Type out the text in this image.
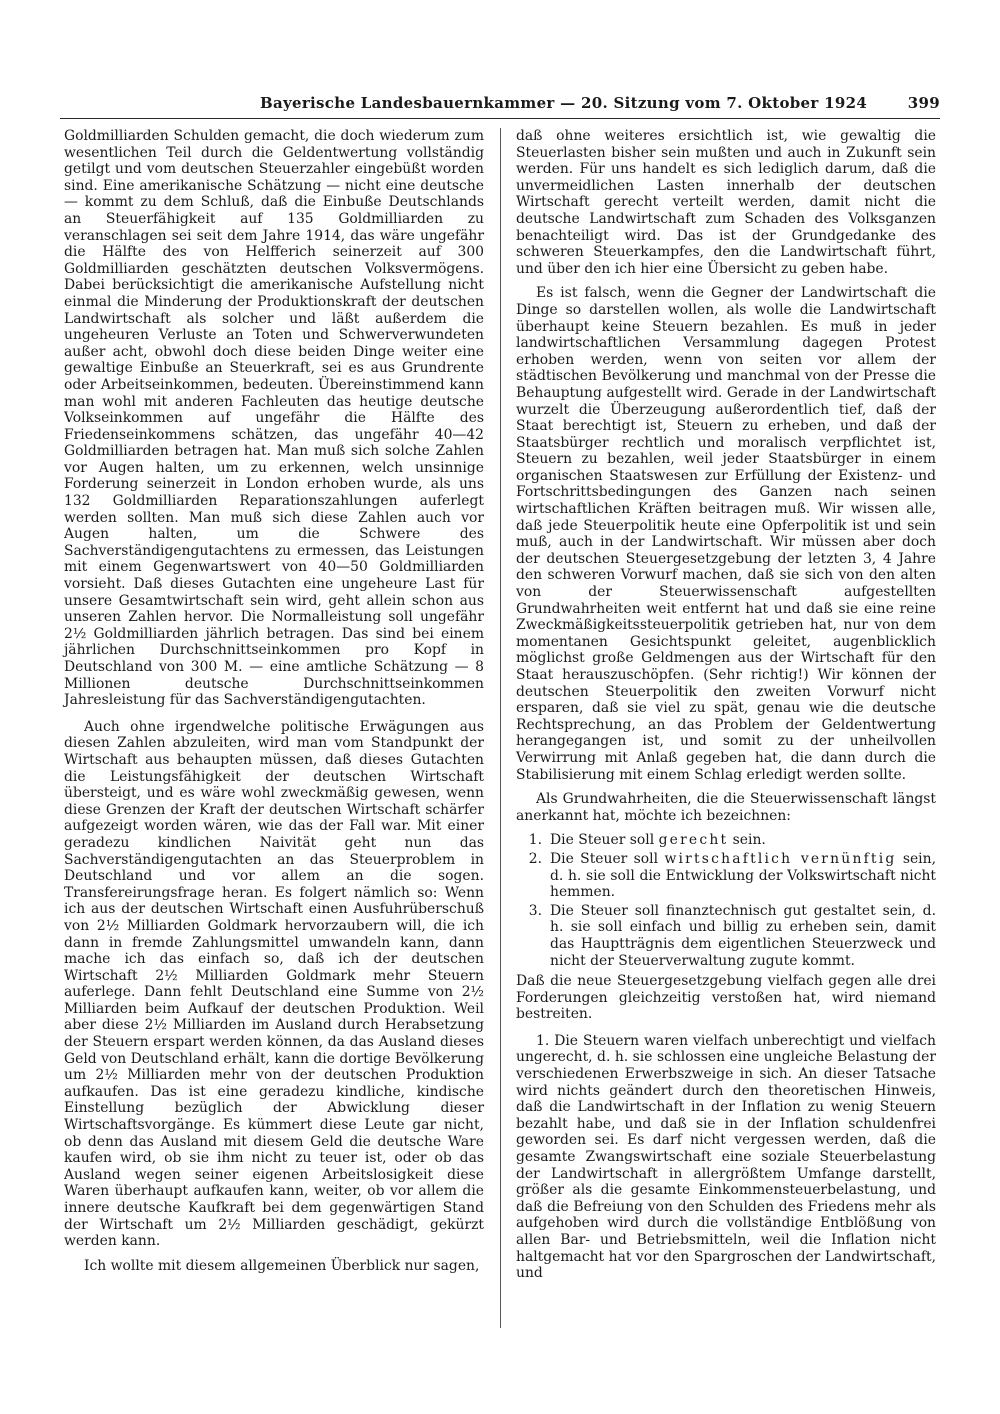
Bayerische Landesbauernkammer — 20. Sitzung vom 7. Oktober 1924	399

Goldmilliarden Schulden gemacht, die doch wiederum zum wesentlichen Teil durch die Geldentwertung vollständig getilgt und vom deutschen Steuerzahler eingebüßt worden sind. Eine amerikanische Schätzung — nicht eine deutsche — kommt zu dem Schluß, daß die Einbuße Deutschlands an Steuerfähigkeit auf 135 Goldmilliarden zu veranschlagen sei seit dem Jahre 1914, das wäre ungefähr die Hälfte des von Helfferich seinerzeit auf 300 Goldmilliarden geschätzten deutschen Volksvermögens. Dabei berücksichtigt die amerikanische Aufstellung nicht einmal die Minderung der Produktionskraft der deutschen Landwirtschaft als solcher und läßt außerdem die ungeheuren Verluste an Toten und Schwerverwundeten außer acht, obwohl doch diese beiden Dinge weiter eine gewaltige Einbuße an Steuerkraft, sei es aus Grundrente oder Arbeitseinkommen, bedeuten. Übereinstimmend kann man wohl mit anderen Fachleuten das heutige deutsche Volkseinkommen auf ungefähr die Hälfte des Friedenseinkommens schätzen, das ungefähr 40—42 Goldmilliarden betragen hat. Man muß sich solche Zahlen vor Augen halten, um zu erkennen, welch unsinnige Forderung seinerzeit in London erhoben wurde, als uns 132 Goldmilliarden Reparationszahlungen auferlegt werden sollten. Man muß sich diese Zahlen auch vor Augen halten, um die Schwere des Sachverständigengutachtens zu ermessen, das Leistungen mit einem Gegenwartswert von 40—50 Goldmilliarden vorsieht. Daß dieses Gutachten eine ungeheure Last für unsere Gesamtwirtschaft sein wird, geht allein schon aus unseren Zahlen hervor. Die Normalleistung soll ungefähr 2½ Goldmilliarden jährlich betragen. Das sind bei einem jährlichen Durchschnittseinkommen pro Kopf in Deutschland von 300 M. — eine amtliche Schätzung — 8 Millionen deutsche Durchschnittseinkommen Jahresleistung für das Sachverständigengutachten.

Auch ohne irgendwelche politische Erwägungen aus diesen Zahlen abzuleiten, wird man vom Standpunkt der Wirtschaft aus behaupten müssen, daß dieses Gutachten die Leistungsfähigkeit der deutschen Wirtschaft übersteigt, und es wäre wohl zweckmäßig gewesen, wenn diese Grenzen der Kraft der deutschen Wirtschaft schärfer aufgezeigt worden wären, wie das der Fall war. Mit einer geradezu kindlichen Naivität geht nun das Sachverständigengutachten an das Steuerproblem in Deutschland und vor allem an die sogen. Transfereirungsfrage heran. Es folgert nämlich so: Wenn ich aus der deutschen Wirtschaft einen Ausfuhrüberschuß von 2½ Milliarden Goldmark hervorzaubern will, die ich dann in fremde Zahlungsmittel umwandeln kann, dann mache ich das einfach so, daß ich der deutschen Wirtschaft 2½ Milliarden Goldmark mehr Steuern auferlege. Dann fehlt Deutschland eine Summe von 2½ Milliarden beim Aufkauf der deutschen Produktion. Weil aber diese 2½ Milliarden im Ausland durch Herabsetzung der Steuern erspart werden können, da das Ausland dieses Geld von Deutschland erhält, kann die dortige Bevölkerung um 2½ Milliarden mehr von der deutschen Produktion aufkaufen. Das ist eine geradezu kindliche, kindische Einstellung bezüglich der Abwicklung dieser Wirtschaftsvorgänge. Es kümmert diese Leute gar nicht, ob denn das Ausland mit diesem Geld die deutsche Ware kaufen wird, ob sie ihm nicht zu teuer ist, oder ob das Ausland wegen seiner eigenen Arbeitslosigkeit diese Waren überhaupt aufkaufen kann, weiter, ob vor allem die innere deutsche Kaufkraft bei dem gegenwärtigen Stand der Wirtschaft um 2½ Milliarden geschädigt, gekürzt werden kann.

Ich wollte mit diesem allgemeinen Überblick nur sagen,

daß ohne weiteres ersichtlich ist, wie gewaltig die Steuerlasten bisher sein mußten und auch in Zukunft sein werden. Für uns handelt es sich lediglich darum, daß die unvermeidlichen Lasten innerhalb der deutschen Wirtschaft gerecht verteilt werden, damit nicht die deutsche Landwirtschaft zum Schaden des Volksganzen benachteiligt wird. Das ist der Grundgedanke des schweren Steuerkampfes, den die Landwirtschaft führt, und über den ich hier eine Übersicht zu geben habe.

Es ist falsch, wenn die Gegner der Landwirtschaft die Dinge so darstellen wollen, als wolle die Landwirtschaft überhaupt keine Steuern bezahlen. Es muß in jeder landwirtschaftlichen Versammlung dagegen Protest erhoben werden, wenn von seiten vor allem der städtischen Bevölkerung und manchmal von der Presse die Behauptung aufgestellt wird. Gerade in der Landwirtschaft wurzelt die Überzeugung außerordentlich tief, daß der Staat berechtigt ist, Steuern zu erheben, und daß der Staatsbürger rechtlich und moralisch verpflichtet ist, Steuern zu bezahlen, weil jeder Staatsbürger in einem organischen Staatswesen zur Erfüllung der Existenz- und Fortschrittsbedingungen des Ganzen nach seinen wirtschaftlichen Kräften beitragen muß. Wir wissen alle, daß jede Steuerpolitik heute eine Opferpolitik ist und sein muß, auch in der Landwirtschaft. Wir müssen aber doch der deutschen Steuergesetzgebung der letzten 3, 4 Jahre den schweren Vorwurf machen, daß sie sich von den alten von der Steuerwissenschaft aufgestellten Grundwahrheiten weit entfernt hat und daß sie eine reine Zweckmäßigkeitssteuerpolitik getrieben hat, nur von dem momentanen Gesichtspunkt geleitet, augenblicklich möglichst große Geldmengen aus der Wirtschaft für den Staat herauszuschöpfen. (Sehr richtig!) Wir können der deutschen Steuerpolitik den zweiten Vorwurf nicht ersparen, daß sie viel zu spät, genau wie die deutsche Rechtsprechung, an das Problem der Geldentwertung herangegangen ist, und somit zu der unheilvollen Verwirrung mit Anlaß gegeben hat, die dann durch die Stabilisierung mit einem Schlag erledigt werden sollte.

Als Grundwahrheiten, die die Steuerwissenschaft längst anerkannt hat, möchte ich bezeichnen:

1. Die Steuer soll gerecht sein.
2. Die Steuer soll wirtschaftlich vernünftig sein, d. h. sie soll die Entwicklung der Volkswirtschaft nicht hemmen.
3. Die Steuer soll finanztechnisch gut gestaltet sein, d. h. sie soll einfach und billig zu erheben sein, damit das Hauptträgnis dem eigentlichen Steuerzweck und nicht der Steuerverwaltung zugute kommt.

Daß die neue Steuergesetzgebung vielfach gegen alle drei Forderungen gleichzeitig verstoßen hat, wird niemand bestreiten.

1. Die Steuern waren vielfach unberechtigt und vielfach ungerecht, d. h. sie schlossen eine ungleiche Belastung der verschiedenen Erwerbszweige in sich. An dieser Tatsache wird nichts geändert durch den theoretischen Hinweis, daß die Landwirtschaft in der Inflation zu wenig Steuern bezahlt habe, und daß sie in der Inflation schuldenfrei geworden sei. Es darf nicht vergessen werden, daß die gesamte Zwangswirtschaft eine soziale Steuerbelastung der Landwirtschaft in allergrößtem Umfange darstellt, größer als die gesamte Einkommensteuerbelastung, und daß die Befreiung von den Schulden des Friedens mehr als aufgehoben wird durch die vollständige Entblößung von allen Bar- und Betriebsmitteln, weil die Inflation nicht haltgemacht hat vor den Spargroschen der Landwirtschaft, und
